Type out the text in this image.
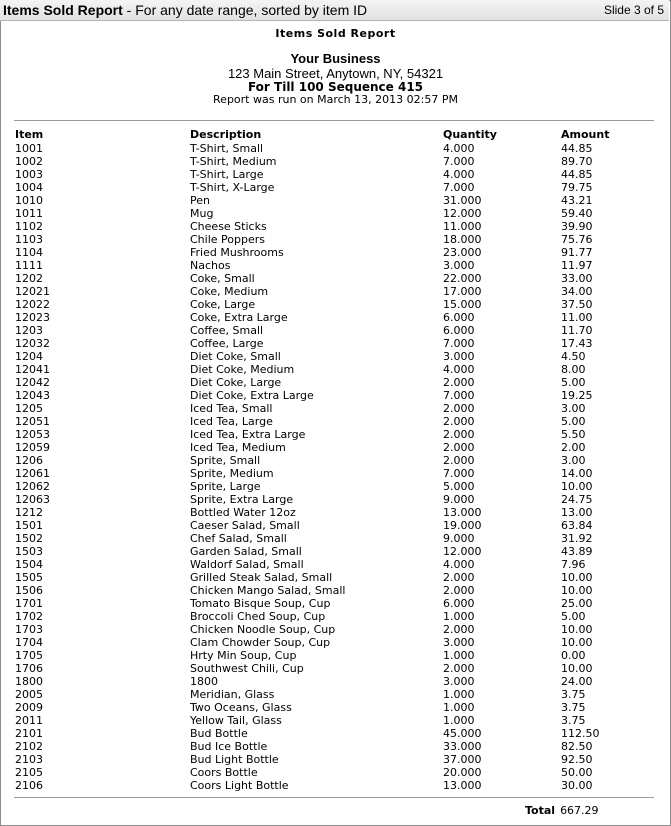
Items Sold Report - For any date range, sorted by item ID	Slide 3 of 5
Items Sold Report
Your Business
123 Main Street, Anytown, NY, 54321
For Till 100 Sequence 415
Report was run on March 13, 2013 02:57 PM
Item	Description	Quantity	Amount
1001	T-Shirt, Small	4.000	44.85
1002	T-Shirt, Medium	7.000	89.70
1003	T-Shirt, Large	4.000	44.85
1004	T-Shirt, X-Large	7.000	79.75
1010	Pen	31.000	43.21
1011	Mug	12.000	59.40
1102	Cheese Sticks	11.000	39.90
1103	Chile Poppers	18.000	75.76
1104	Fried Mushrooms	23.000	91.77
1111	Nachos	3.000	11.97
1202	Coke, Small	22.000	33.00
12021	Coke, Medium	17.000	34.00
12022	Coke, Large	15.000	37.50
12023	Coke, Extra Large	6.000	11.00
1203	Coffee, Small	6.000	11.70
12032	Coffee, Large	7.000	17.43
1204	Diet Coke, Small	3.000	4.50
12041	Diet Coke, Medium	4.000	8.00
12042	Diet Coke, Large	2.000	5.00
12043	Diet Coke, Extra Large	7.000	19.25
1205	Iced Tea, Small	2.000	3.00
12051	Iced Tea, Large	2.000	5.00
12053	Iced Tea, Extra Large	2.000	5.50
12059	Iced Tea, Medium	2.000	2.00
1206	Sprite, Small	2.000	3.00
12061	Sprite, Medium	7.000	14.00
12062	Sprite, Large	5.000	10.00
12063	Sprite, Extra Large	9.000	24.75
1212	Bottled Water 12oz	13.000	13.00
1501	Caeser Salad, Small	19.000	63.84
1502	Chef Salad, Small	9.000	31.92
1503	Garden Salad, Small	12.000	43.89
1504	Waldorf Salad, Small	4.000	7.96
1505	Grilled Steak Salad, Small	2.000	10.00
1506	Chicken Mango Salad, Small	2.000	10.00
1701	Tomato Bisque Soup, Cup	6.000	25.00
1702	Broccoli Ched Soup, Cup	1.000	5.00
1703	Chicken Noodle Soup, Cup	2.000	10.00
1704	Clam Chowder Soup, Cup	3.000	10.00
1705	Hrty Min Soup, Cup	1.000	0.00
1706	Southwest Chili, Cup	2.000	10.00
1800	1800	3.000	24.00
2005	Meridian, Glass	1.000	3.75
2009	Two Oceans, Glass	1.000	3.75
2011	Yellow Tail, Glass	1.000	3.75
2101	Bud Bottle	45.000	112.50
2102	Bud Ice Bottle	33.000	82.50
2103	Bud Light Bottle	37.000	92.50
2105	Coors Bottle	20.000	50.00
2106	Coors Light Bottle	13.000	30.00
Total 667.29
